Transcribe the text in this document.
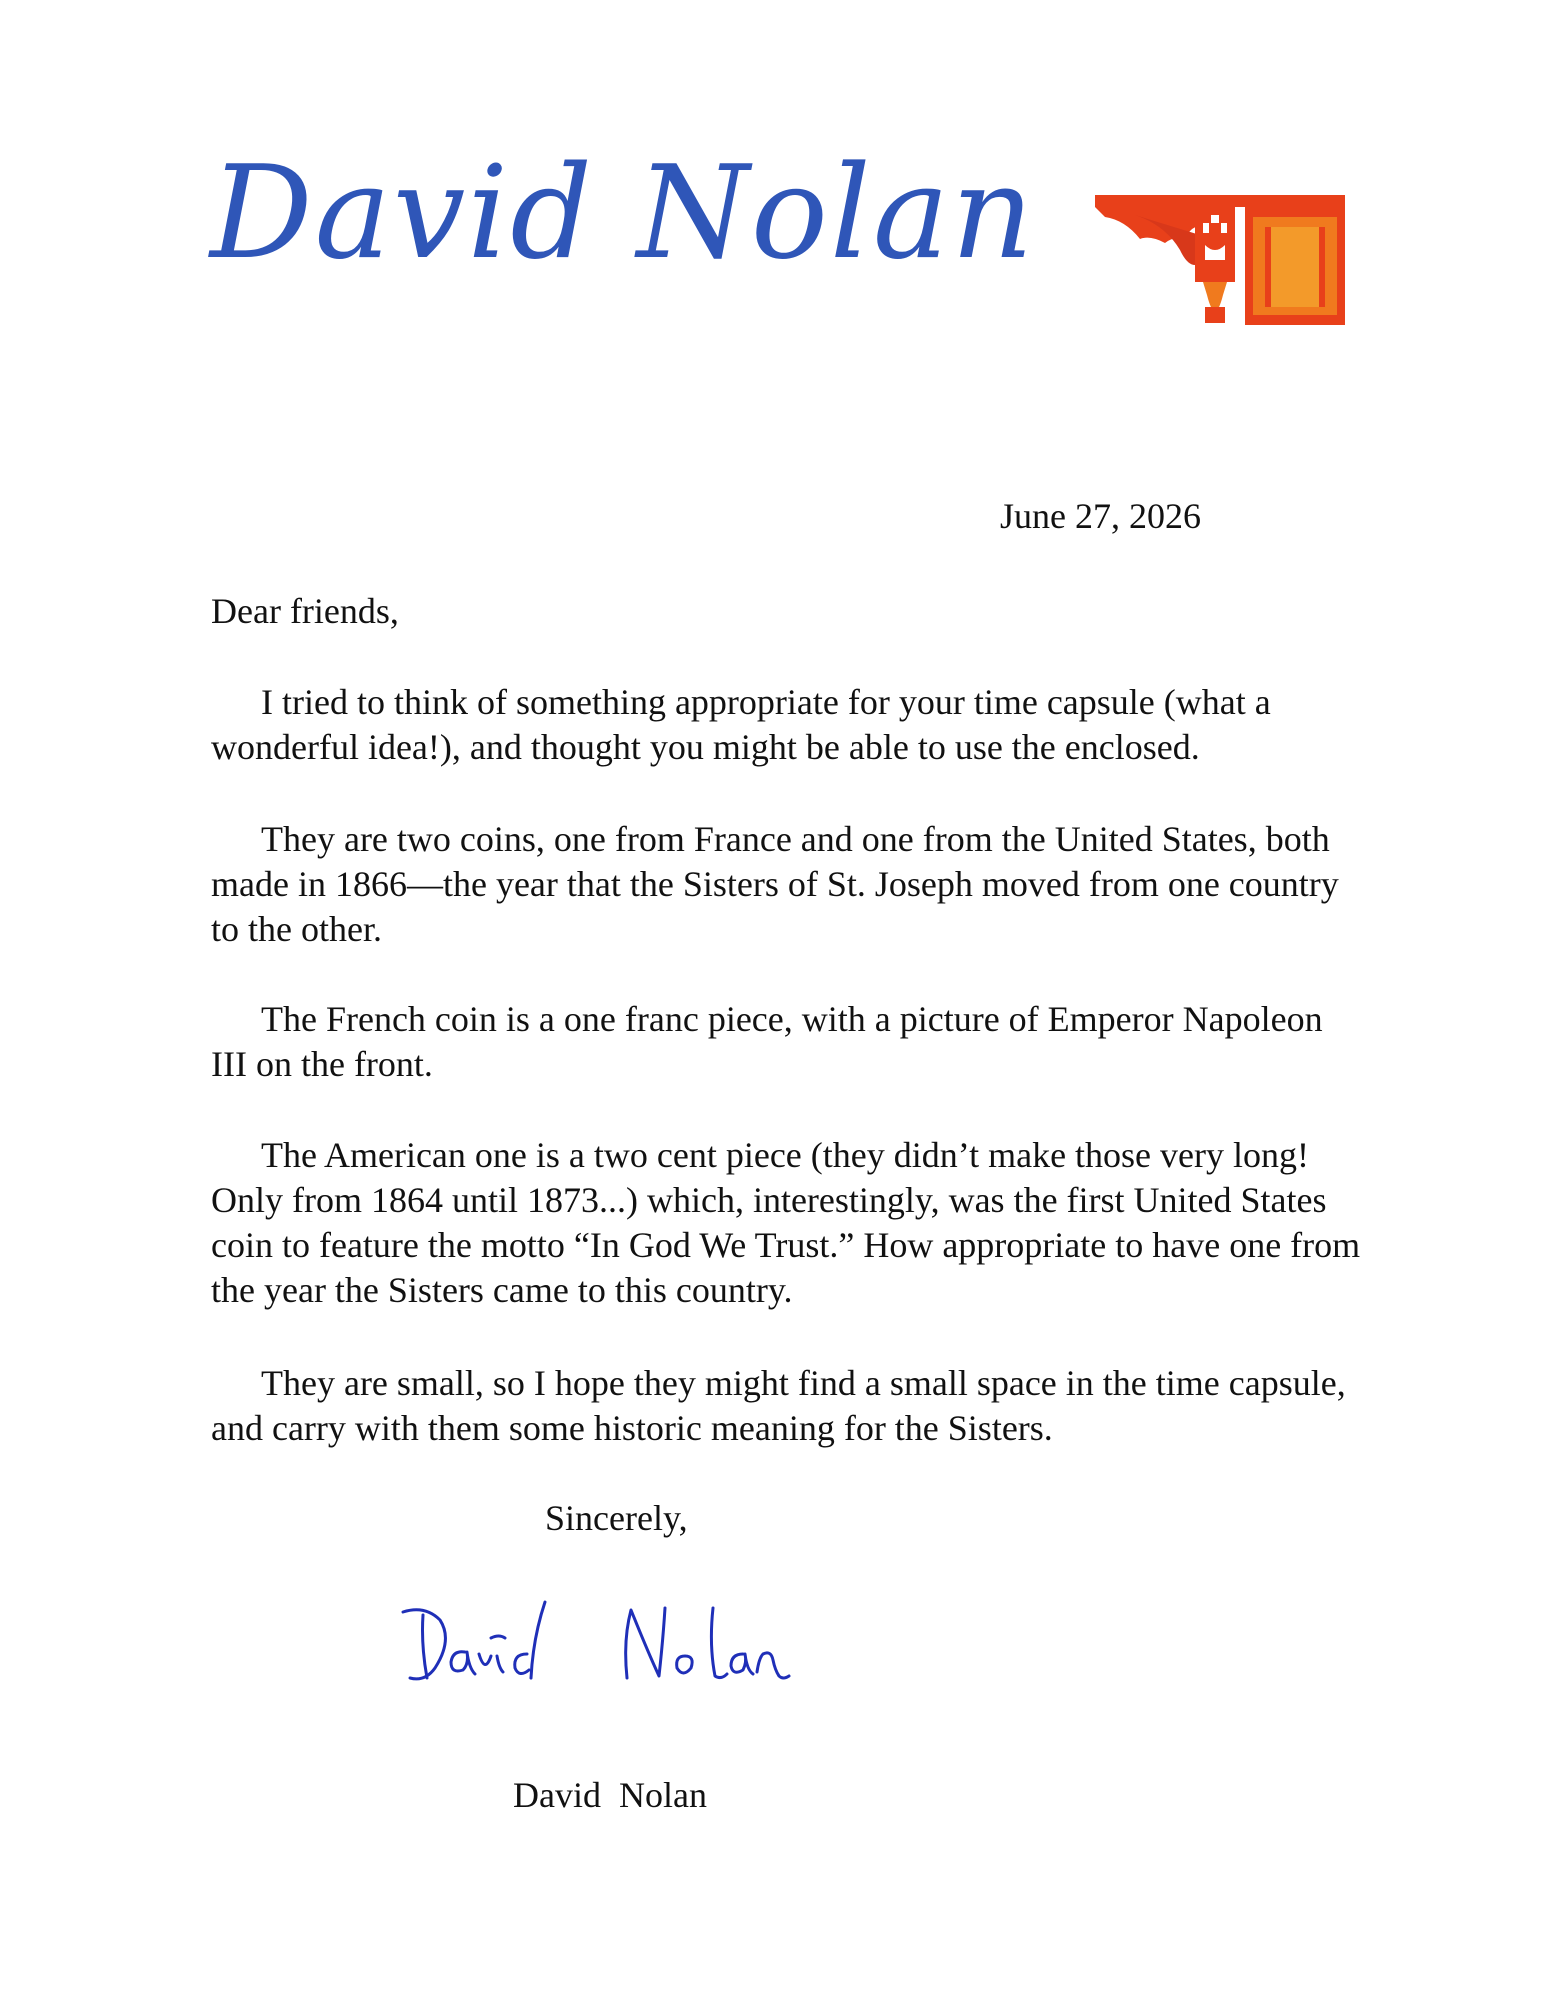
David Nolan
June 27, 2026
Dear friends,

I tried to think of something appropriate for your time capsule (what a wonderful idea!), and thought you might be able to use the enclosed.

They are two coins, one from France and one from the United States, both made in 1866—the year that the Sisters of St. Joseph moved from one country to the other.

The French coin is a one franc piece, with a picture of Emperor Napoleon III on the front.

The American one is a two cent piece (they didn’t make those very long! Only from 1864 until 1873...) which, interestingly, was the first United States coin to feature the motto “In God We Trust.” How appropriate to have one from the year the Sisters came to this country.

They are small, so I hope they might find a small space in the time capsule, and carry with them some historic meaning for the Sisters.

Sincerely,
David  Nolan
